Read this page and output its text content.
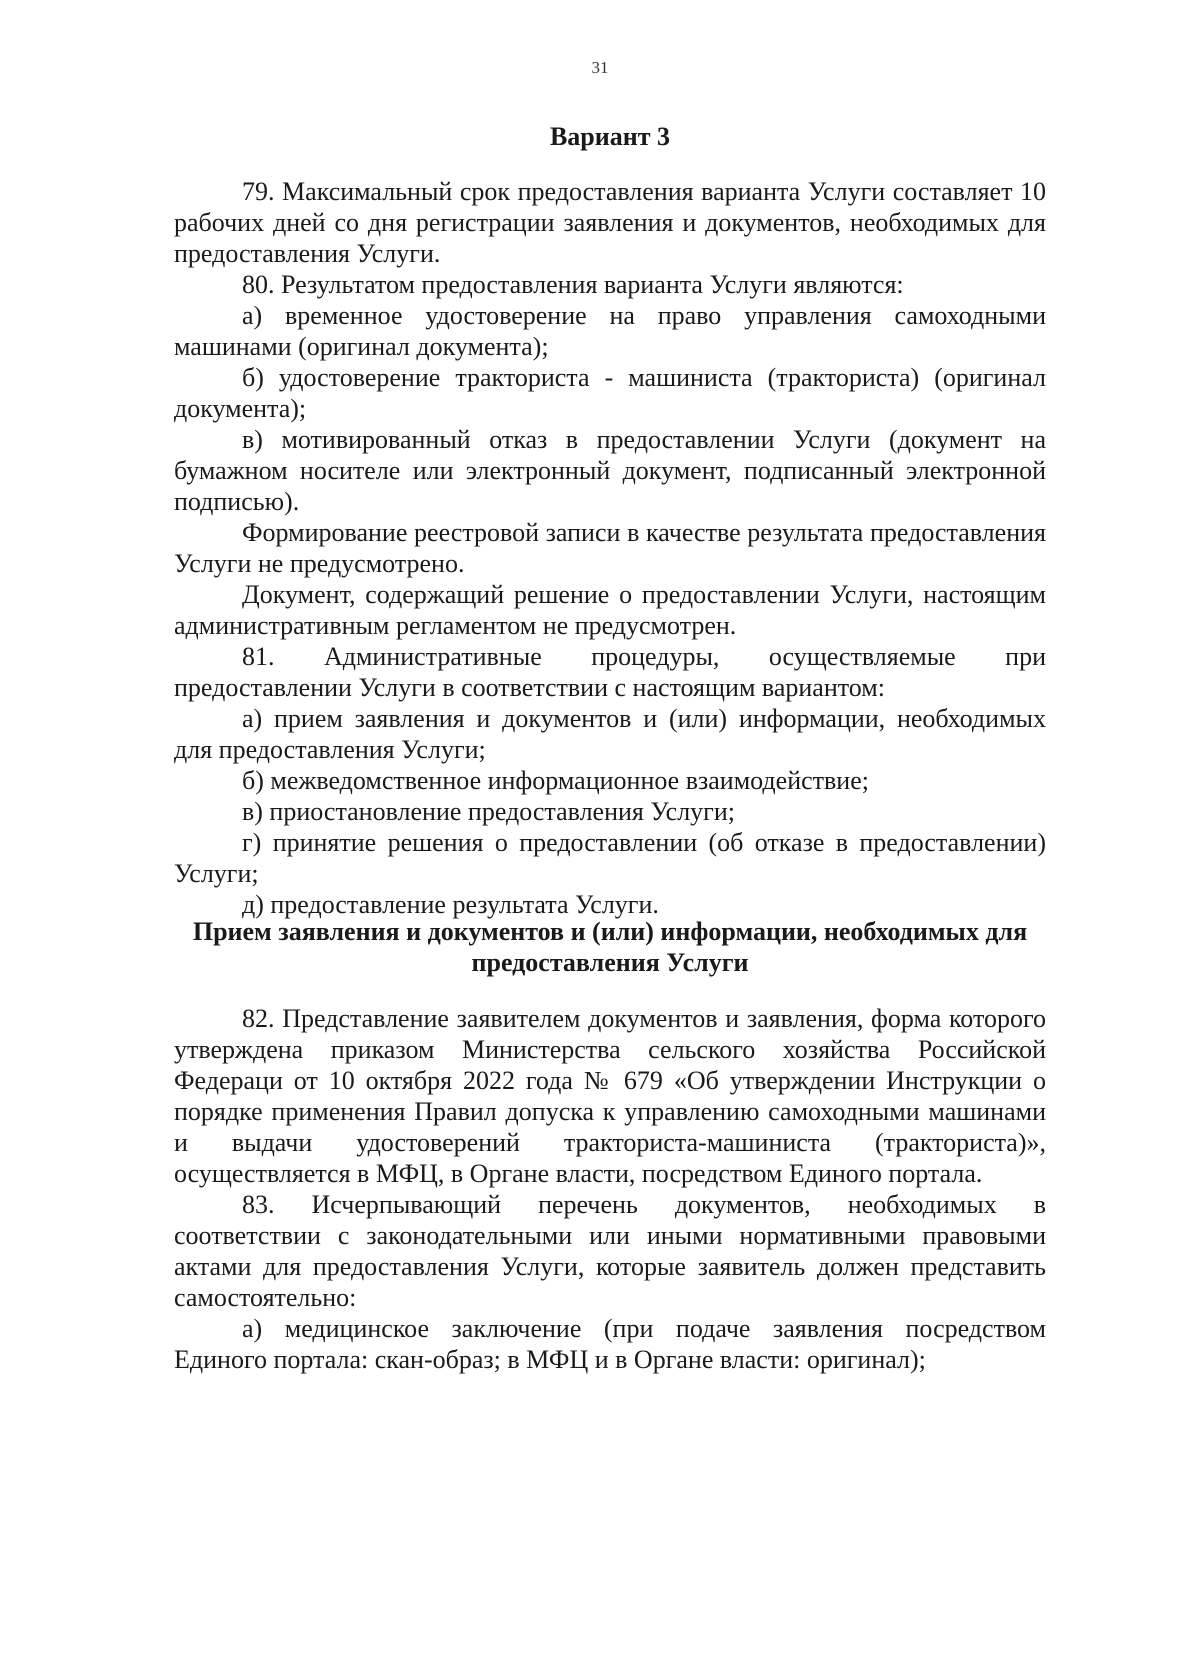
31
Вариант 3

79. Максимальный срок предоставления варианта Услуги составляет 10 рабочих дней со дня регистрации заявления и документов, необходимых для предоставления Услуги.

80. Результатом предоставления варианта Услуги являются:

а) временное удостоверение на право управления самоходными машинами (оригинал документа);

б) удостоверение тракториста - машиниста (тракториста) (оригинал документа);

в) мотивированный отказ в предоставлении Услуги (документ на бумажном носителе или электронный документ, подписанный электронной подписью).

Формирование реестровой записи в качестве результата предоставления Услуги не предусмотрено.

Документ, содержащий решение о предоставлении Услуги, настоящим административным регламентом не предусмотрен.

81. Административные процедуры, осуществляемые при предоставлении Услуги в соответствии с настоящим вариантом:

а) прием заявления и документов и (или) информации, необходимых для предоставления Услуги;

б) межведомственное информационное взаимодействие;

в) приостановление предоставления Услуги;

г) принятие решения о предоставлении (об отказе в предоставлении) Услуги;

д) предоставление результата Услуги.

Прием заявления и документов и (или) информации, необходимых для предоставления Услуги

82. Представление заявителем документов и заявления, форма которого утверждена приказом Министерства сельского хозяйства Российской Федераци от 10 октября 2022 года № 679 «Об утверждении Инструкции о порядке применения Правил допуска к управлению самоходными машинами и выдачи удостоверений тракториста-машиниста (тракториста)», осуществляется в МФЦ, в Органе власти, посредством Единого портала.

83. Исчерпывающий перечень документов, необходимых в соответствии с законодательными или иными нормативными правовыми актами для предоставления Услуги, которые заявитель должен представить самостоятельно:

а) медицинское заключение (при подаче заявления посредством Единого портала: скан-образ; в МФЦ и в Органе власти: оригинал);
